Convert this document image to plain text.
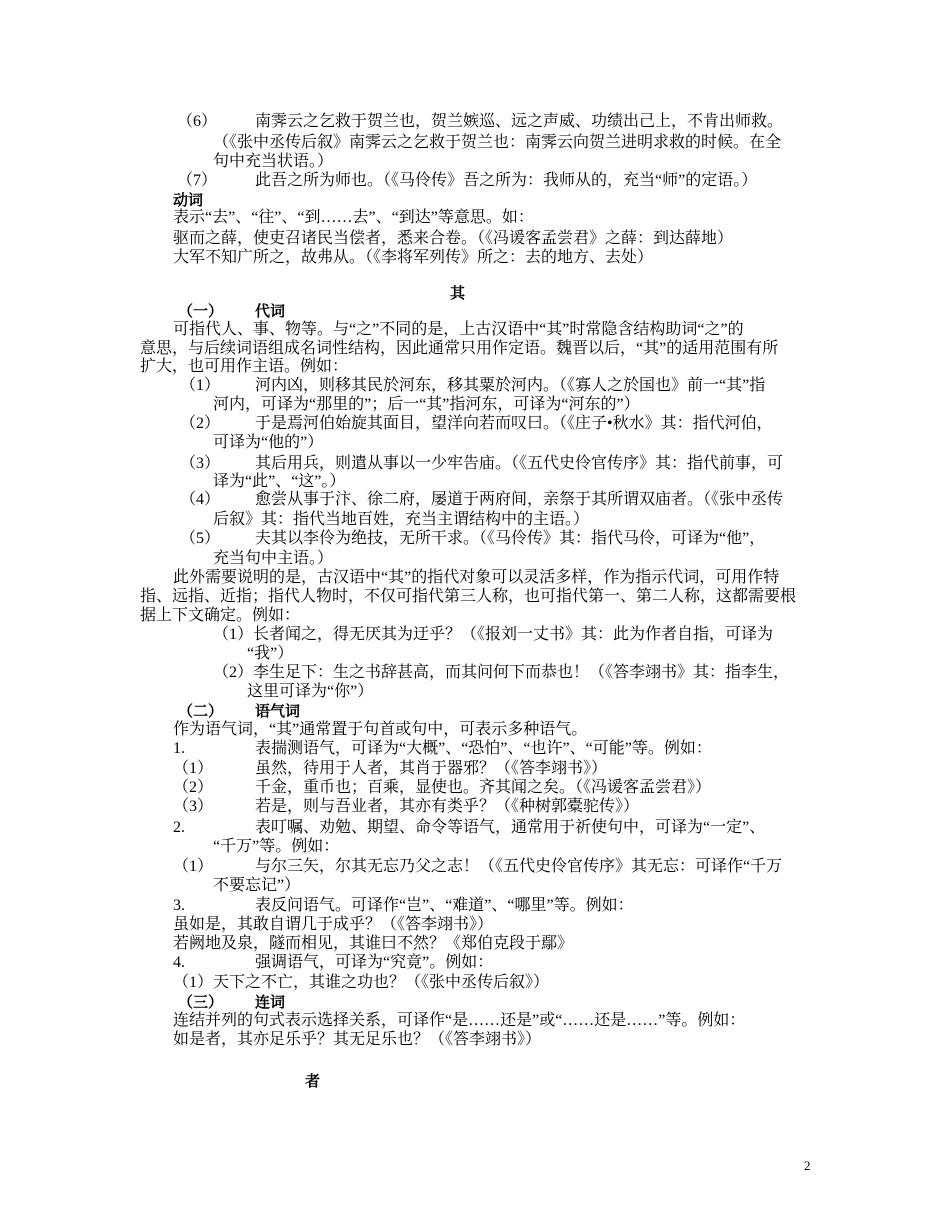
（6） 南霁云之乞救于贺兰也，贺兰嫉巡、远之声威、功绩出己上，不肯出师救。
（《张中丞传后叙》南霁云之乞救于贺兰也：南霁云向贺兰进明求救的时候。在全
句中充当状语。）
（7） 此吾之所为师也。（《马伶传》吾之所为：我师从的，充当“师”的定语。）
动词
表示“去”、“往”、“到……去”、“到达”等意思。如：
驱而之薛，使吏召诸民当偿者，悉来合卷。（《冯谖客孟尝君》之薛：到达薛地）
大军不知广所之，故弗从。（《李将军列传》所之：去的地方、去处）
其
（一） 代词
可指代人、事、物等。与“之”不同的是，上古汉语中“其”时常隐含结构助词“之”的
意思，与后续词语组成名词性结构，因此通常只用作定语。魏晋以后，“其”的适用范围有所
扩大，也可用作主语。例如：
（1） 河内凶，则移其民於河东，移其粟於河内。（《寡人之於国也》前一“其”指
河内，可译为“那里的”；后一“其”指河东，可译为“河东的”）
（2） 于是焉河伯始旋其面目，望洋向若而叹曰。（《庄子•秋水》其：指代河伯，
可译为“他的”）
（3） 其后用兵，则遣从事以一少牢告庙。（《五代史伶官传序》其：指代前事，可
译为“此”、“这”。）
（4） 愈尝从事于汴、徐二府，屡道于两府间，亲祭于其所谓双庙者。（《张中丞传
后叙》其：指代当地百姓，充当主谓结构中的主语。）
（5） 夫其以李伶为绝技，无所干求。（《马伶传》其：指代马伶，可译为“他”，
充当句中主语。）
此外需要说明的是，古汉语中“其”的指代对象可以灵活多样，作为指示代词，可用作特
指、远指、近指；指代人物时，不仅可指代第三人称，也可指代第一、第二人称，这都需要根
据上下文确定。例如：
（1）长者闻之，得无厌其为迂乎？（《报刘一丈书》其：此为作者自指，可译为
“我”）
（2）李生足下：生之书辞甚高，而其问何下而恭也！（《答李翊书》其：指李生，
这里可译为“你”）
（二） 语气词
作为语气词，“其”通常置于句首或句中，可表示多种语气。
1.	表揣测语气，可译为“大概”、“恐怕”、“也许”、“可能”等。例如：
（1）	虽然，待用于人者，其肖于器邪？（《答李翊书》）
（2）	千金，重币也；百乘，显使也。齐其闻之矣。（《冯谖客孟尝君》）
（3）	若是，则与吾业者，其亦有类乎？（《种树郭橐驼传》）
2.	表叮嘱、劝勉、期望、命令等语气，通常用于祈使句中，可译为“一定”、
“千万”等。例如：
（1）	与尔三矢，尔其无忘乃父之志！（《五代史伶官传序》其无忘：可译作“千万
不要忘记”）
3.	表反问语气。可译作“岂”、“难道”、“哪里”等。例如：
虽如是，其敢自谓几于成乎？（《答李翊书》）
若阙地及泉，隧而相见，其谁曰不然？《郑伯克段于鄢》
4.	强调语气，可译为“究竟”。例如：
（1）天下之不亡，其谁之功也？（《张中丞传后叙》）
（三） 连词
连结并列的句式表示选择关系，可译作“是……还是”或“……还是……”等。例如：
如是者，其亦足乐乎？其无足乐也？（《答李翊书》）
者
2
